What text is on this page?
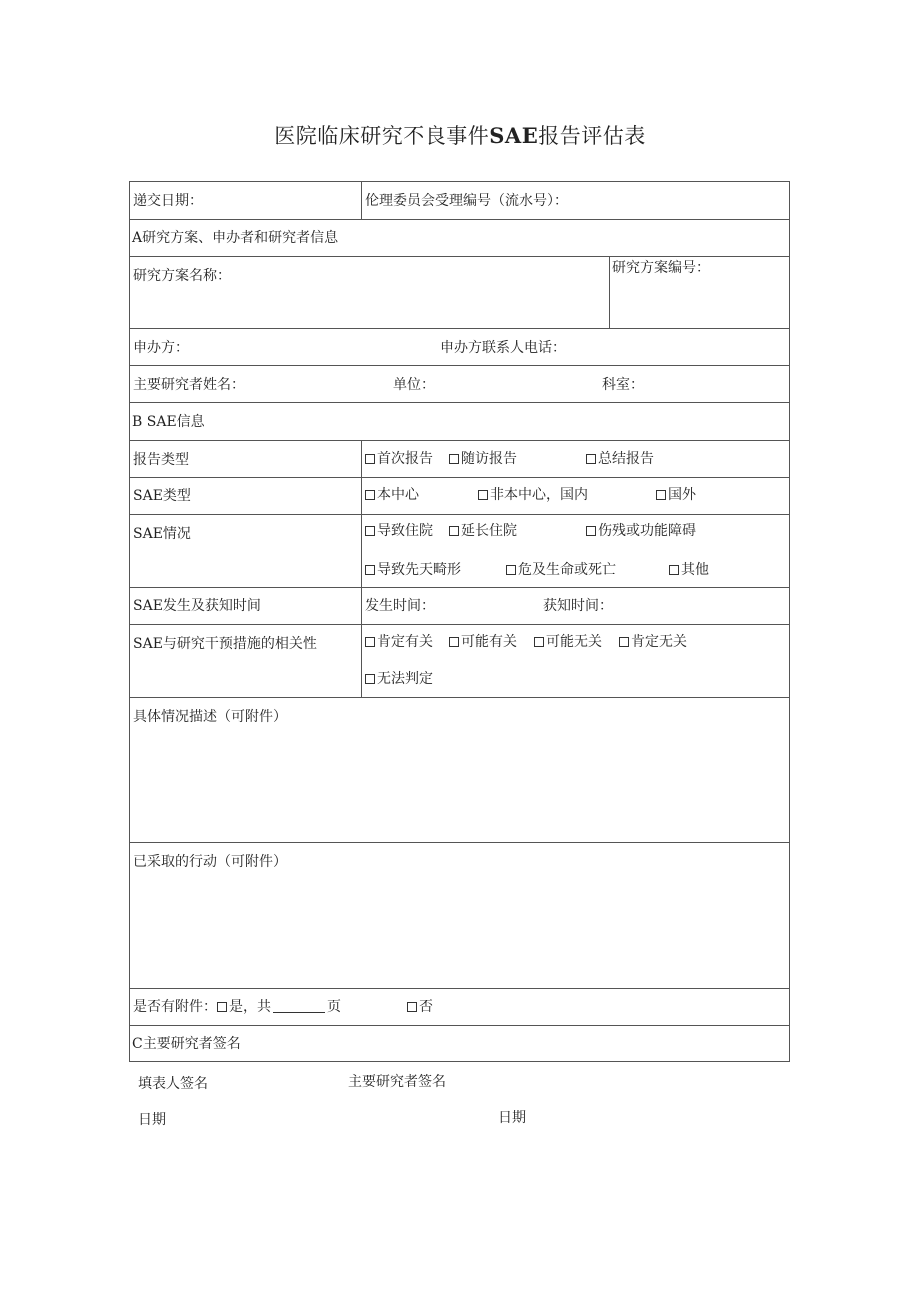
医院临床研究不良事件SAE报告评估表
递交日期：	伦理委员会受理编号（流水号）：
A研究方案、申办者和研究者信息
研究方案名称：	研究方案编号：
申办方：	申办方联系人电话：
主要研究者姓名：	单位：	科室：
B SAE信息
报告类型	首次报告	随访报告	总结报告
SAE类型	本中心	非本中心，国内	国外
SAE情况	导致住院	延长住院	伤残或功能障碍
导致先天畸形	危及生命或死亡	其他
SAE发生及获知时间	发生时间：	获知时间：
SAE与研究干预措施的相关性	肯定有关	可能有关	可能无关	肯定无关
无法判定
具体情况描述（可附件）
已采取的行动（可附件）
是否有附件： 是，共	页	否
C主要研究者签名
填表人签名	主要研究者签名
日期	日期
